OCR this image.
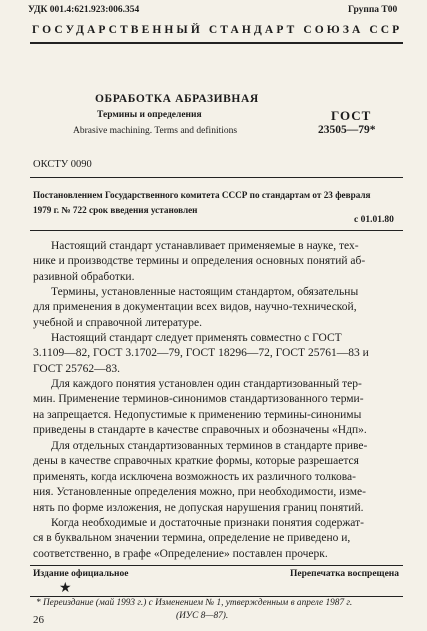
УДК 001.4:621.923:006.354	Группа Т00
ГОСУДАРСТВЕННЫЙ СТАНДАРТ СОЮЗА ССР
ОБРАБОТКА АБРАЗИВНАЯ
Термины и определения
Abrasive machining. Terms and definitions
ГОСТ
23505—79*
ОКСТУ 0090
Постановлением Государственного комитета СССР по стандартам от 23 февраля
1979 г. № 722 срок введения установлен
с 01.01.80
Настоящий стандарт устанавливает применяемые в науке, тех-
нике и производстве термины и определения основных понятий аб-
разивной обработки.
Термины, установленные настоящим стандартом, обязательны
для применения в документации всех видов, научно-технической,
учебной и справочной литературе.
Настоящий стандарт следует применять совместно с ГОСТ
3.1109—82, ГОСТ 3.1702—79, ГОСТ 18296—72, ГОСТ 25761—83 и
ГОСТ 25762—83.
Для каждого понятия установлен один стандартизованный тер-
мин. Применение терминов-синонимов стандартизованного терми-
на запрещается. Недопустимые к применению термины-синонимы
приведены в стандарте в качестве справочных и обозначены «Ндп».
Для отдельных стандартизованных терминов в стандарте приве-
дены в качестве справочных краткие формы, которые разрешается
применять, когда исключена возможность их различного толкова-
ния. Установленные определения можно, при необходимости, изме-
нять по форме изложения, не допуская нарушения границ понятий.
Когда необходимые и достаточные признаки понятия содержат-
ся в буквальном значении термина, определение не приведено и,
соответственно, в графе «Определение» поставлен прочерк.
Издание официальное	Перепечатка воспрещена
★
* Переиздание (май 1993 г.) с Изменением № 1, утвержденным в апреле 1987 г.
(ИУС 8—87).
26
